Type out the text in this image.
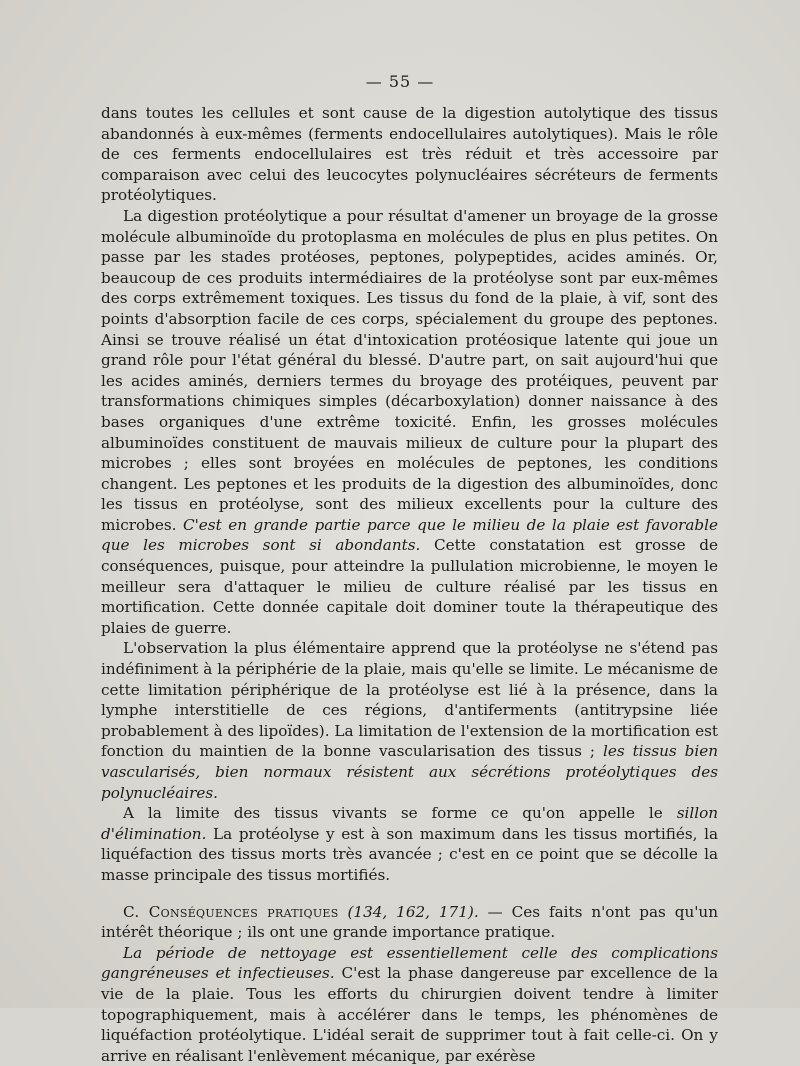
— 55 —

dans toutes les cellules et sont cause de la digestion autolytique des tissus abandonnés à eux-mêmes (ferments endocellulaires autolytiques). Mais le rôle de ces ferments endocellulaires est très réduit et très accessoire par comparaison avec celui des leucocytes polynucléaires sécréteurs de ferments protéolytiques.

La digestion protéolytique a pour résultat d'amener un broyage de la grosse molécule albuminoïde du protoplasma en molécules de plus en plus petites. On passe par les stades protéoses, peptones, polypeptides, acides aminés. Or, beaucoup de ces produits intermédiaires de la protéolyse sont par eux-mêmes des corps extrêmement toxiques. Les tissus du fond de la plaie, à vif, sont des points d'absorption facile de ces corps, spécialement du groupe des peptones. Ainsi se trouve réalisé un état d'intoxication protéosique latente qui joue un grand rôle pour l'état général du blessé. D'autre part, on sait aujourd'hui que les acides aminés, derniers termes du broyage des protéiques, peuvent par transformations chimiques simples (décarboxylation) donner naissance à des bases organiques d'une extrême toxicité. Enfin, les grosses molécules albuminoïdes constituent de mauvais milieux de culture pour la plupart des microbes ; elles sont broyées en molécules de peptones, les conditions changent. Les peptones et les produits de la digestion des albuminoïdes, donc les tissus en protéolyse, sont des milieux excellents pour la culture des microbes. C'est en grande partie parce que le milieu de la plaie est favorable que les microbes sont si abondants. Cette constatation est grosse de conséquences, puisque, pour atteindre la pullulation microbienne, le moyen le meilleur sera d'attaquer le milieu de culture réalisé par les tissus en mortification. Cette donnée capitale doit dominer toute la thérapeutique des plaies de guerre.

L'observation la plus élémentaire apprend que la protéolyse ne s'étend pas indéfiniment à la périphérie de la plaie, mais qu'elle se limite. Le mécanisme de cette limitation périphérique de la protéolyse est lié à la présence, dans la lymphe interstitielle de ces régions, d'antiferments (antitrypsine liée probablement à des lipoïdes). La limitation de l'extension de la mortification est fonction du maintien de la bonne vascularisation des tissus ; les tissus bien vascularisés, bien normaux résistent aux sécrétions protéolytiques des polynucléaires.

A la limite des tissus vivants se forme ce qu'on appelle le sillon d'élimination. La protéolyse y est à son maximum dans les tissus mortifiés, la liquéfaction des tissus morts très avancée ; c'est en ce point que se décolle la masse principale des tissus mortifiés.

C. Conséquences pratiques (134, 162, 171). — Ces faits n'ont pas qu'un intérêt théorique ; ils ont une grande importance pratique.

La période de nettoyage est essentiellement celle des complications gangréneuses et infectieuses. C'est la phase dangereuse par excellence de la vie de la plaie. Tous les efforts du chirurgien doivent tendre à limiter topographiquement, mais à accélérer dans le temps, les phénomènes de liquéfaction protéolytique. L'idéal serait de supprimer tout à fait celle-ci. On y arrive en réalisant l'enlèvement mécanique, par exérèse
